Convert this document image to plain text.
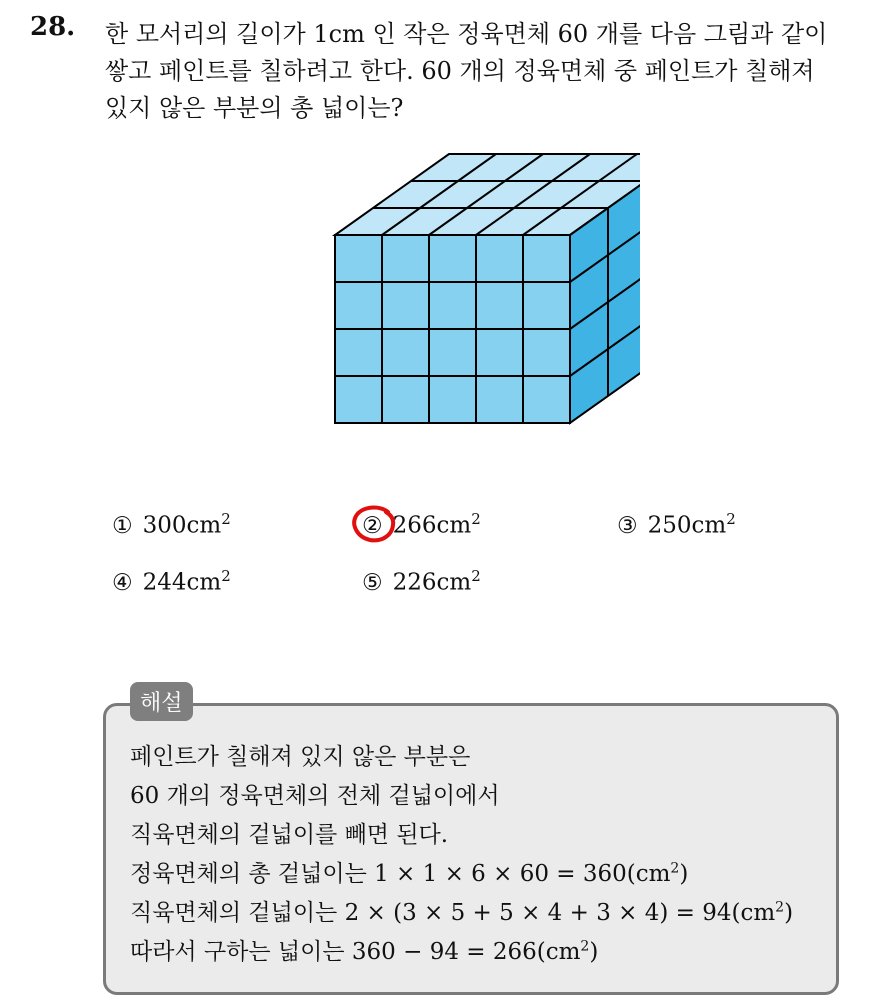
28. 한 모서리의 길이가 1cm 인 작은 정육면체 60 개를 다음 그림과 같이
쌓고 페인트를 칠하려고 한다. 60 개의 정육면체 중 페인트가 칠해져
있지 않은 부분의 총 넓이는?
① $300cm^2$	② $266cm^2$	③ $250cm^2$
④ $244cm^2$	⑤ $226cm^2$
해설
페인트가 칠해져 있지 않은 부분은
60 개의 정육면체의 전체 겉넓이에서
직육면체의 겉넓이를 빼면 된다.
정육면체의 총 겉넓이는 $1 \times 1 \times 6 \times 60 = 360(cm^2)$
직육면체의 겉넓이는 $2 \times (3 \times 5 + 5 \times 4 + 3 \times 4) = 94(cm^2)$
따라서 구하는 넓이는 $360 - 94 = 266(cm^2)$
